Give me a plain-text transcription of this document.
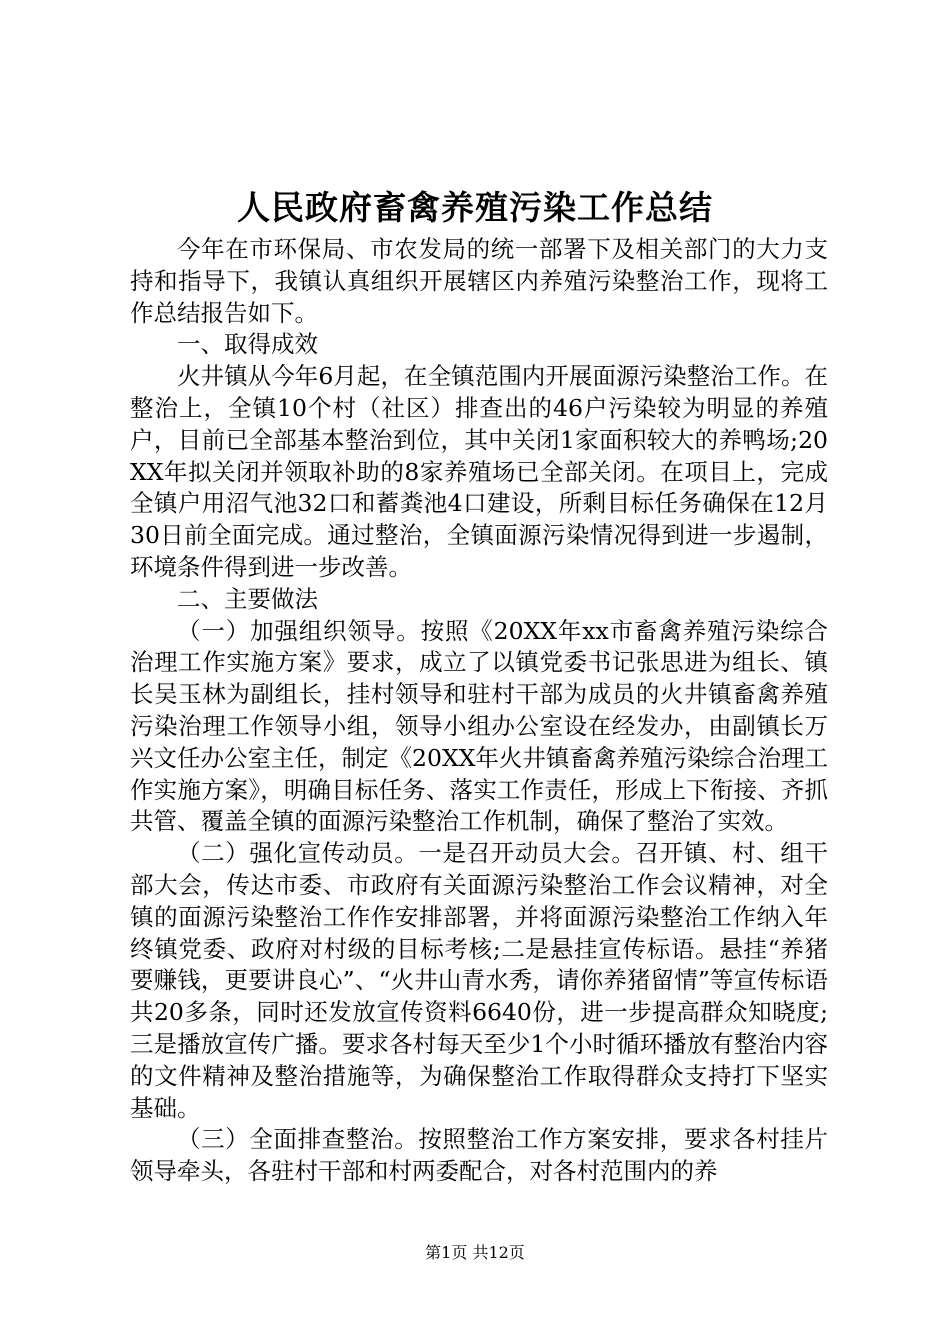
人民政府畜禽养殖污染工作总结

今年在市环保局、市农发局的统一部署下及相关部门的大力支持和指导下，我镇认真组织开展辖区内养殖污染整治工作，现将工作总结报告如下。

一、取得成效

火井镇从今年6月起，在全镇范围内开展面源污染整治工作。在整治上，全镇10个村（社区）排查出的46户污染较为明显的养殖户，目前已全部基本整治到位，其中关闭1家面积较大的养鸭场;20XX年拟关闭并领取补助的8家养殖场已全部关闭。在项目上，完成全镇户用沼气池32口和蓄粪池4口建设，所剩目标任务确保在12月30日前全面完成。通过整治，全镇面源污染情况得到进一步遏制，环境条件得到进一步改善。

二、主要做法

（一）加强组织领导。按照《20XX年xx市畜禽养殖污染综合治理工作实施方案》要求，成立了以镇党委书记张思进为组长、镇长吴玉林为副组长，挂村领导和驻村干部为成员的火井镇畜禽养殖污染治理工作领导小组，领导小组办公室设在经发办，由副镇长万兴文任办公室主任，制定《20XX年火井镇畜禽养殖污染综合治理工作实施方案》，明确目标任务、落实工作责任，形成上下衔接、齐抓共管、覆盖全镇的面源污染整治工作机制，确保了整治了实效。

（二）强化宣传动员。一是召开动员大会。召开镇、村、组干部大会，传达市委、市政府有关面源污染整治工作会议精神，对全镇的面源污染整治工作作安排部署，并将面源污染整治工作纳入年终镇党委、政府对村级的目标考核;二是悬挂宣传标语。悬挂“养猪要赚钱，更要讲良心”、“火井山青水秀，请你养猪留情”等宣传标语共20多条，同时还发放宣传资料6640份，进一步提高群众知晓度;三是播放宣传广播。要求各村每天至少1个小时循环播放有整治内容的文件精神及整治措施等，为确保整治工作取得群众支持打下坚实基础。

（三）全面排查整治。按照整治工作方案安排，要求各村挂片领导牵头，各驻村干部和村两委配合，对各村范围内的养

第1页 共12页
